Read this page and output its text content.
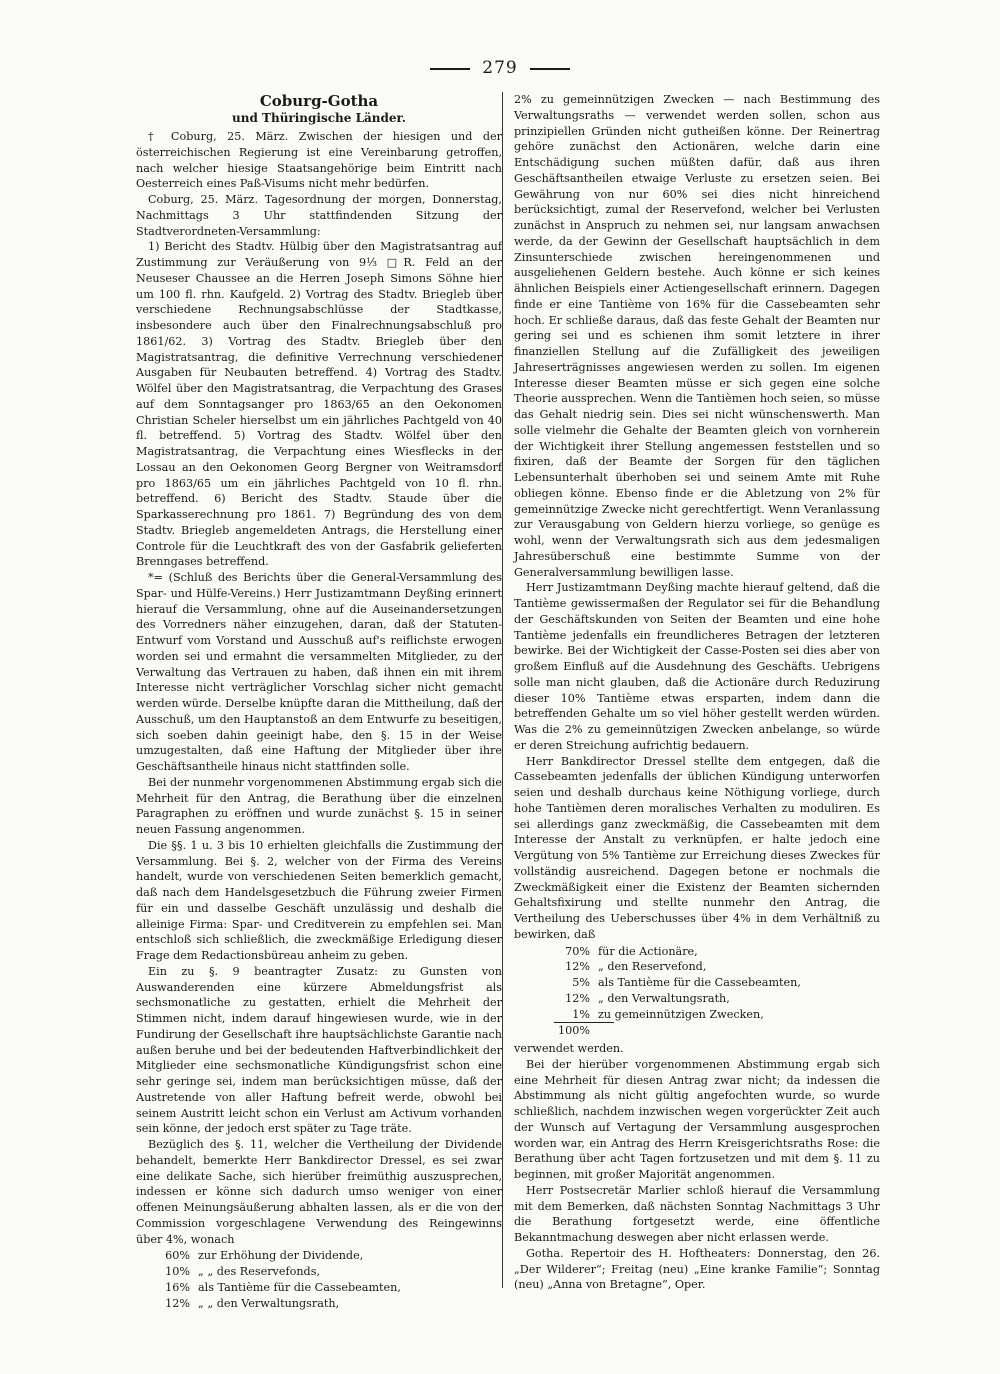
279
Coburg-Gotha
und Thüringische Länder.

† Coburg, 25. März. Zwischen der hiesigen und der österreichischen Regierung ist eine Vereinbarung getroffen, nach welcher hiesige Staatsangehörige beim Eintritt nach Oesterreich eines Paß-Visums nicht mehr bedürfen.

Coburg, 25. März. Tagesordnung der morgen, Donnerstag, Nachmittags 3 Uhr stattfindenden Sitzung der Stadtverordneten-Versammlung:

1) Bericht des Stadtv. Hülbig über den Magistratsantrag auf Zustimmung zur Veräußerung von 9⅓ □R. Feld an der Neuseser Chaussee an die Herren Joseph Simons Söhne hier um 100 fl. rhn. Kaufgeld. 2) Vortrag des Stadtv. Briegleb über verschiedene Rechnungsabschlüsse der Stadtkasse, insbesondere auch über den Finalrechnungsabschluß pro 1861/62. 3) Vortrag des Stadtv. Briegleb über den Magistratsantrag, die definitive Verrechnung verschiedener Ausgaben für Neubauten betreffend. 4) Vortrag des Stadtv. Wölfel über den Magistratsantrag, die Verpachtung des Grases auf dem Sonntagsanger pro 1863/65 an den Oekonomen Christian Scheler hierselbst um ein jährliches Pachtgeld von 40 fl. betreffend. 5) Vortrag des Stadtv. Wölfel über den Magistratsantrag, die Verpachtung eines Wiesflecks in der Lossau an den Oekonomen Georg Bergner von Weitramsdorf pro 1863/65 um ein jährliches Pachtgeld von 10 fl. rhn. betreffend. 6) Bericht des Stadtv. Staude über die Sparkasserechnung pro 1861. 7) Begründung des von dem Stadtv. Briegleb angemeldeten Antrags, die Herstellung einer Controle für die Leuchtkraft des von der Gasfabrik gelieferten Brenngases betreffend.

*= (Schluß des Berichts über die General-Versammlung des Spar- und Hülfe-Vereins.) Herr Justizamtmann Deyßing erinnert hierauf die Versammlung, ohne auf die Auseinandersetzungen des Vorredners näher einzugehen, daran, daß der Statuten-Entwurf vom Vorstand und Ausschuß auf's reiflichste erwogen worden sei und ermahnt die versammelten Mitglieder, zu der Verwaltung das Vertrauen zu haben, daß ihnen ein mit ihrem Interesse nicht verträglicher Vorschlag sicher nicht gemacht werden würde. Derselbe knüpfte daran die Mittheilung, daß der Ausschuß, um den Hauptanstoß an dem Entwurfe zu beseitigen, sich soeben dahin geeinigt habe, den §. 15 in der Weise umzugestalten, daß eine Haftung der Mitglieder über ihre Geschäftsantheile hinaus nicht stattfinden solle.

Bei der nunmehr vorgenommenen Abstimmung ergab sich die Mehrheit für den Antrag, die Berathung über die einzelnen Paragraphen zu eröffnen und wurde zunächst §. 15 in seiner neuen Fassung angenommen.

Die §§. 1 u. 3 bis 10 erhielten gleichfalls die Zustimmung der Versammlung. Bei §. 2, welcher von der Firma des Vereins handelt, wurde von verschiedenen Seiten bemerklich gemacht, daß nach dem Handelsgesetzbuch die Führung zweier Firmen für ein und dasselbe Geschäft unzulässig und deshalb die alleinige Firma: Spar- und Creditverein zu empfehlen sei. Man entschloß sich schließlich, die zweckmäßige Erledigung dieser Frage dem Redactionsbüreau anheim zu geben.

Ein zu §. 9 beantragter Zusatz: zu Gunsten von Auswanderenden eine kürzere Abmeldungsfrist als sechsmonatliche zu gestatten, erhielt die Mehrheit der Stimmen nicht, indem darauf hingewiesen wurde, wie in der Fundirung der Gesellschaft ihre hauptsächlichste Garantie nach außen beruhe und bei der bedeutenden Haftverbindlichkeit der Mitglieder eine sechsmonatliche Kündigungsfrist schon eine sehr geringe sei, indem man berücksichtigen müsse, daß der Austretende von aller Haftung befreit werde, obwohl bei seinem Austritt leicht schon ein Verlust am Activum vorhanden sein könne, der jedoch erst später zu Tage träte.

Bezüglich des §. 11, welcher die Vertheilung der Dividende behandelt, bemerkte Herr Bankdirector Dressel, es sei zwar eine delikate Sache, sich hierüber freimüthig auszusprechen, indessen er könne sich dadurch umso weniger von einer offenen Meinungsäußerung abhalten lassen, als er die von der Commission vorgeschlagene Verwendung des Reingewinns über 4%, wonach

60% zur Erhöhung der Dividende,
10% „ „ des Reservefonds,
16% als Tantième für die Cassebeamten,
12% „ „ den Verwaltungsrath,

2% zu gemeinnützigen Zwecken — nach Bestimmung des Verwaltungsraths — verwendet werden sollen, schon aus prinzipiellen Gründen nicht gutheißen könne. Der Reinertrag gehöre zunächst den Actionären, welche darin eine Entschädigung suchen müßten dafür, daß aus ihren Geschäftsantheilen etwaige Verluste zu ersetzen seien. Bei Gewährung von nur 60% sei dies nicht hinreichend berücksichtigt, zumal der Reservefond, welcher bei Verlusten zunächst in Anspruch zu nehmen sei, nur langsam anwachsen werde, da der Gewinn der Gesellschaft hauptsächlich in dem Zinsunterschiede zwischen hereingenommenen und ausgeliehenen Geldern bestehe. Auch könne er sich keines ähnlichen Beispiels einer Actiengesellschaft erinnern. Dagegen finde er eine Tantième von 16% für die Cassebeamten sehr hoch. Er schließe daraus, daß das feste Gehalt der Beamten nur gering sei und es schienen ihm somit letztere in ihrer finanziellen Stellung auf die Zufälligkeit des jeweiligen Jahreserträgnisses angewiesen werden zu sollen. Im eigenen Interesse dieser Beamten müsse er sich gegen eine solche Theorie aussprechen. Wenn die Tantièmen hoch seien, so müsse das Gehalt niedrig sein. Dies sei nicht wünschenswerth. Man solle vielmehr die Gehalte der Beamten gleich von vornherein der Wichtigkeit ihrer Stellung angemessen feststellen und so fixiren, daß der Beamte der Sorgen für den täglichen Lebensunterhalt überhoben sei und seinem Amte mit Ruhe obliegen könne. Ebenso finde er die Abletzung von 2% für gemeinnützige Zwecke nicht gerechtfertigt. Wenn Veranlassung zur Verausgabung von Geldern hierzu vorliege, so genüge es wohl, wenn der Verwaltungsrath sich aus dem jedesmaligen Jahresüberschuß eine bestimmte Summe von der Generalversammlung bewilligen lasse.

Herr Justizamtmann Deyßing machte hierauf geltend, daß die Tantième gewissermaßen der Regulator sei für die Behandlung der Geschäftskunden von Seiten der Beamten und eine hohe Tantième jedenfalls ein freundlicheres Betragen der letzteren bewirke. Bei der Wichtigkeit der Casse-Posten sei dies aber von großem Einfluß auf die Ausdehnung des Geschäfts. Uebrigens solle man nicht glauben, daß die Actionäre durch Reduzirung dieser 10% Tantième etwas ersparten, indem dann die betreffenden Gehalte um so viel höher gestellt werden würden. Was die 2% zu gemeinnützigen Zwecken anbelange, so würde er deren Streichung aufrichtig bedauern.

Herr Bankdirector Dressel stellte dem entgegen, daß die Cassebeamten jedenfalls der üblichen Kündigung unterworfen seien und deshalb durchaus keine Nöthigung vorliege, durch hohe Tantièmen deren moralisches Verhalten zu moduliren. Es sei allerdings ganz zweckmäßig, die Cassebeamten mit dem Interesse der Anstalt zu verknüpfen, er halte jedoch eine Vergütung von 5% Tantième zur Erreichung dieses Zweckes für vollständig ausreichend. Dagegen betone er nochmals die Zweckmäßigkeit einer die Existenz der Beamten sichernden Gehaltsfixirung und stellte nunmehr den Antrag, die Vertheilung des Ueberschusses über 4% in dem Verhältniß zu bewirken, daß

70% für die Actionäre,
12% „ den Reservefond,
5% als Tantième für die Cassebeamten,
12% „ den Verwaltungsrath,
1% zu gemeinnützigen Zwecken,
100%

verwendet werden.

Bei der hierüber vorgenommenen Abstimmung ergab sich eine Mehrheit für diesen Antrag zwar nicht; da indessen die Abstimmung als nicht gültig angefochten wurde, so wurde schließlich, nachdem inzwischen wegen vorgerückter Zeit auch der Wunsch auf Vertagung der Versammlung ausgesprochen worden war, ein Antrag des Herrn Kreisgerichtsraths Rose: die Berathung über acht Tagen fortzusetzen und mit dem §. 11 zu beginnen, mit großer Majorität angenommen.

Herr Postsecretär Marlier schloß hierauf die Versammlung mit dem Bemerken, daß nächsten Sonntag Nachmittags 3 Uhr die Berathung fortgesetzt werde, eine öffentliche Bekanntmachung deswegen aber nicht erlassen werde.

Gotha. Repertoir des H. Hoftheaters: Donnerstag, den 26. „Der Wilderer“; Freitag (neu) „Eine kranke Familie“; Sonntag (neu) „Anna von Bretagne“, Oper.
